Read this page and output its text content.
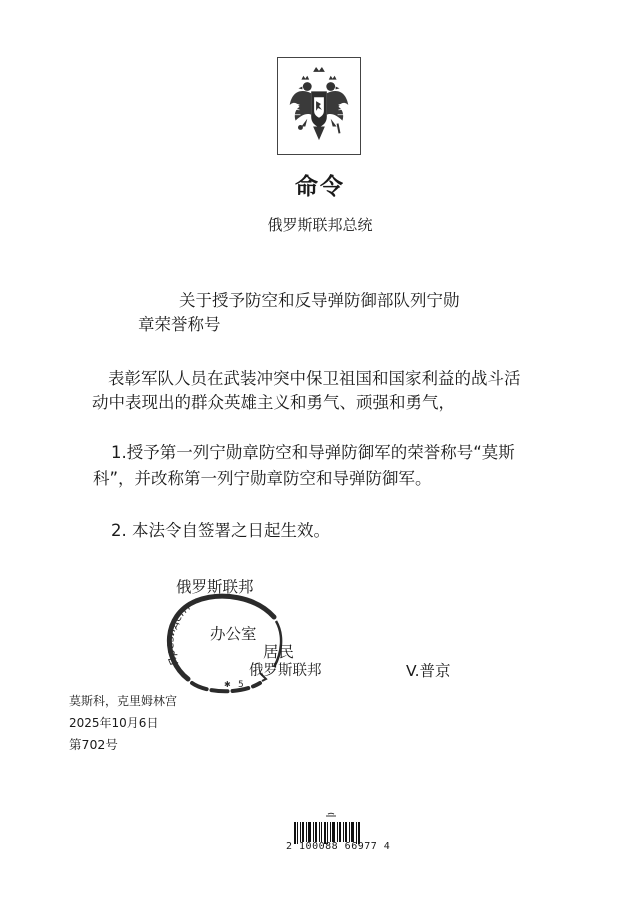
命令
俄罗斯联邦总统
关于授予防空和反导弹防御部队列宁勋
章荣誉称号
表彰军队人员在武装冲突中保卫祖国和国家利益的战斗活
动中表现出的群众英雄主义和勇气、顽强和勇气，
1.授予第一列宁勋章防空和导弹防御军的荣誉称号“莫斯
科”，并改称第一列宁勋章防空和导弹防御军。
2. 本法令自签署之日起生效。
Президент
5
✱
俄罗斯联邦
办公室
居民
俄罗斯联邦	V.普京
莫斯科，克里姆林宫
2025年10月6日
第702号
2 100088 66977 4
